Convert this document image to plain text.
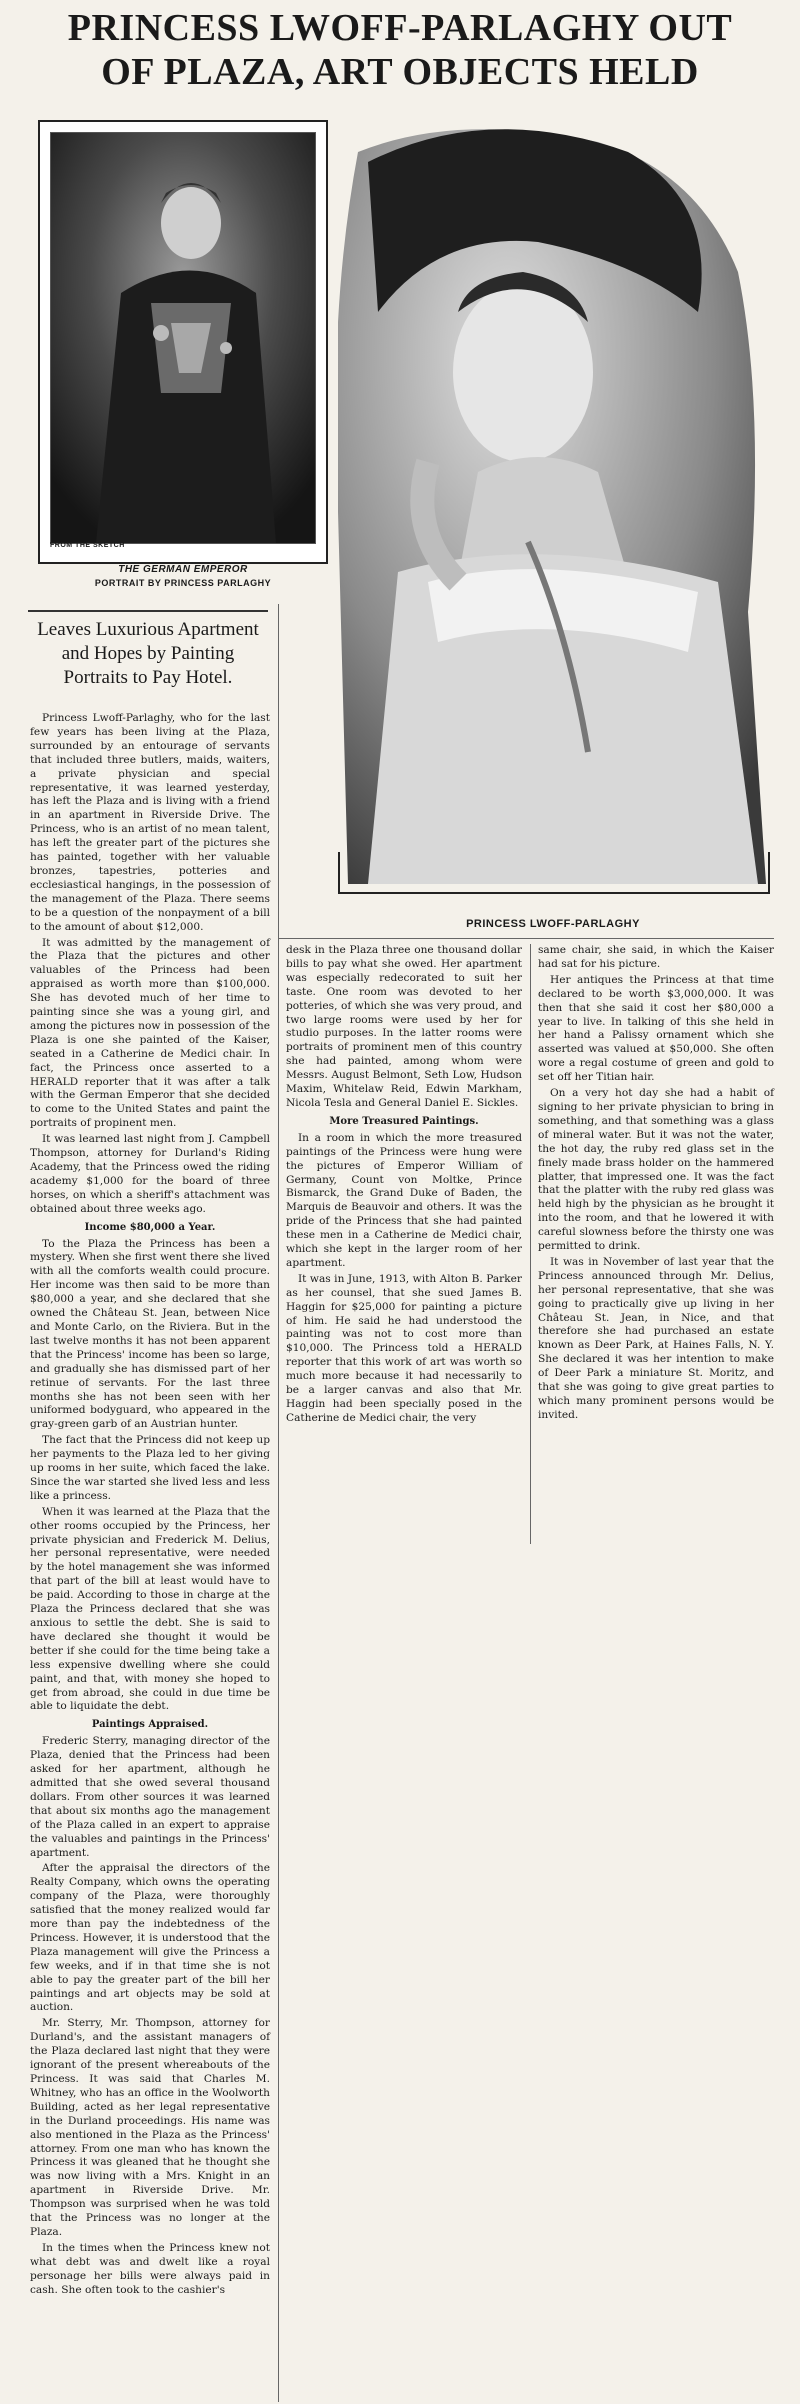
PRINCESS LWOFF-PARLAGHY OUT
OF PLAZA, ART OBJECTS HELD
FROM THE SKETCH
THE GERMAN EMPEROR
PORTRAIT BY PRINCESS PARLAGHY
PRINCESS LWOFF-PARLAGHY
Leaves Luxurious Apartment and Hopes by Painting Portraits to Pay Hotel.

Princess Lwoff-Parlaghy, who for the last few years has been living at the Plaza, surrounded by an entourage of servants that included three butlers, maids, waiters, a private physician and special representative, it was learned yesterday, has left the Plaza and is living with a friend in an apartment in Riverside Drive. The Princess, who is an artist of no mean talent, has left the greater part of the pictures she has painted, together with her valuable bronzes, tapestries, potteries and ecclesiastical hangings, in the possession of the management of the Plaza. There seems to be a question of the nonpayment of a bill to the amount of about $12,000.

It was admitted by the management of the Plaza that the pictures and other valuables of the Princess had been appraised as worth more than $100,000. She has devoted much of her time to painting since she was a young girl, and among the pictures now in possession of the Plaza is one she painted of the Kaiser, seated in a Catherine de Medici chair. In fact, the Princess once asserted to a HERALD reporter that it was after a talk with the German Emperor that she decided to come to the United States and paint the portraits of propinent men.

It was learned last night from J. Campbell Thompson, attorney for Durland's Riding Academy, that the Princess owed the riding academy $1,000 for the board of three horses, on which a sheriff's attachment was obtained about three weeks ago.

Income $80,000 a Year.

To the Plaza the Princess has been a mystery. When she first went there she lived with all the comforts wealth could procure. Her income was then said to be more than $80,000 a year, and she declared that she owned the Château St. Jean, between Nice and Monte Carlo, on the Riviera. But in the last twelve months it has not been apparent that the Princess' income has been so large, and gradually she has dismissed part of her retinue of servants. For the last three months she has not been seen with her uniformed bodyguard, who appeared in the gray-green garb of an Austrian hunter.

The fact that the Princess did not keep up her payments to the Plaza led to her giving up rooms in her suite, which faced the lake. Since the war started she lived less and less like a princess.

When it was learned at the Plaza that the other rooms occupied by the Princess, her private physician and Frederick M. Delius, her personal representative, were needed by the hotel management she was informed that part of the bill at least would have to be paid. According to those in charge at the Plaza the Princess declared that she was anxious to settle the debt. She is said to have declared she thought it would be better if she could for the time being take a less expensive dwelling where she could paint, and that, with money she hoped to get from abroad, she could in due time be able to liquidate the debt.

Paintings Appraised.

Frederic Sterry, managing director of the Plaza, denied that the Princess had been asked for her apartment, although he admitted that she owed several thousand dollars. From other sources it was learned that about six months ago the management of the Plaza called in an expert to appraise the valuables and paintings in the Princess' apartment.

After the appraisal the directors of the Realty Company, which owns the operating company of the Plaza, were thoroughly satisfied that the money realized would far more than pay the indebtedness of the Princess. However, it is understood that the Plaza management will give the Princess a few weeks, and if in that time she is not able to pay the greater part of the bill her paintings and art objects may be sold at auction.

Mr. Sterry, Mr. Thompson, attorney for Durland's, and the assistant managers of the Plaza declared last night that they were ignorant of the present whereabouts of the Princess. It was said that Charles M. Whitney, who has an office in the Woolworth Building, acted as her legal representative in the Durland proceedings. His name was also mentioned in the Plaza as the Princess' attorney. From one man who has known the Princess it was gleaned that he thought she was now living with a Mrs. Knight in an apartment in Riverside Drive. Mr. Thompson was surprised when he was told that the Princess was no longer at the Plaza.

In the times when the Princess knew not what debt was and dwelt like a royal personage her bills were always paid in cash. She often took to the cashier's

desk in the Plaza three one thousand dollar bills to pay what she owed. Her apartment was especially redecorated to suit her taste. One room was devoted to her potteries, of which she was very proud, and two large rooms were used by her for studio purposes. In the latter rooms were portraits of prominent men of this country she had painted, among whom were Messrs. August Belmont, Seth Low, Hudson Maxim, Whitelaw Reid, Edwin Markham, Nicola Tesla and General Daniel E. Sickles.

More Treasured Paintings.

In a room in which the more treasured paintings of the Princess were hung were the pictures of Emperor William of Germany, Count von Moltke, Prince Bismarck, the Grand Duke of Baden, the Marquis de Beauvoir and others. It was the pride of the Princess that she had painted these men in a Catherine de Medici chair, which she kept in the larger room of her apartment.

It was in June, 1913, with Alton B. Parker as her counsel, that she sued James B. Haggin for $25,000 for painting a picture of him. He said he had understood the painting was not to cost more than $10,000. The Princess told a HERALD reporter that this work of art was worth so much more because it had necessarily to be a larger canvas and also that Mr. Haggin had been specially posed in the Catherine de Medici chair, the very

same chair, she said, in which the Kaiser had sat for his picture.

Her antiques the Princess at that time declared to be worth $3,000,000. It was then that she said it cost her $80,000 a year to live. In talking of this she held in her hand a Palissy ornament which she asserted was valued at $50,000. She often wore a regal costume of green and gold to set off her Titian hair.

On a very hot day she had a habit of signing to her private physician to bring in something, and that something was a glass of mineral water. But it was not the water, the hot day, the ruby red glass set in the finely made brass holder on the hammered platter, that impressed one. It was the fact that the platter with the ruby red glass was held high by the physician as he brought it into the room, and that he lowered it with careful slowness before the thirsty one was permitted to drink.

It was in November of last year that the Princess announced through Mr. Delius, her personal representative, that she was going to practically give up living in her Château St. Jean, in Nice, and that therefore she had purchased an estate known as Deer Park, at Haines Falls, N. Y. She declared it was her intention to make of Deer Park a miniature St. Moritz, and that she was going to give great parties to which many prominent persons would be invited.
